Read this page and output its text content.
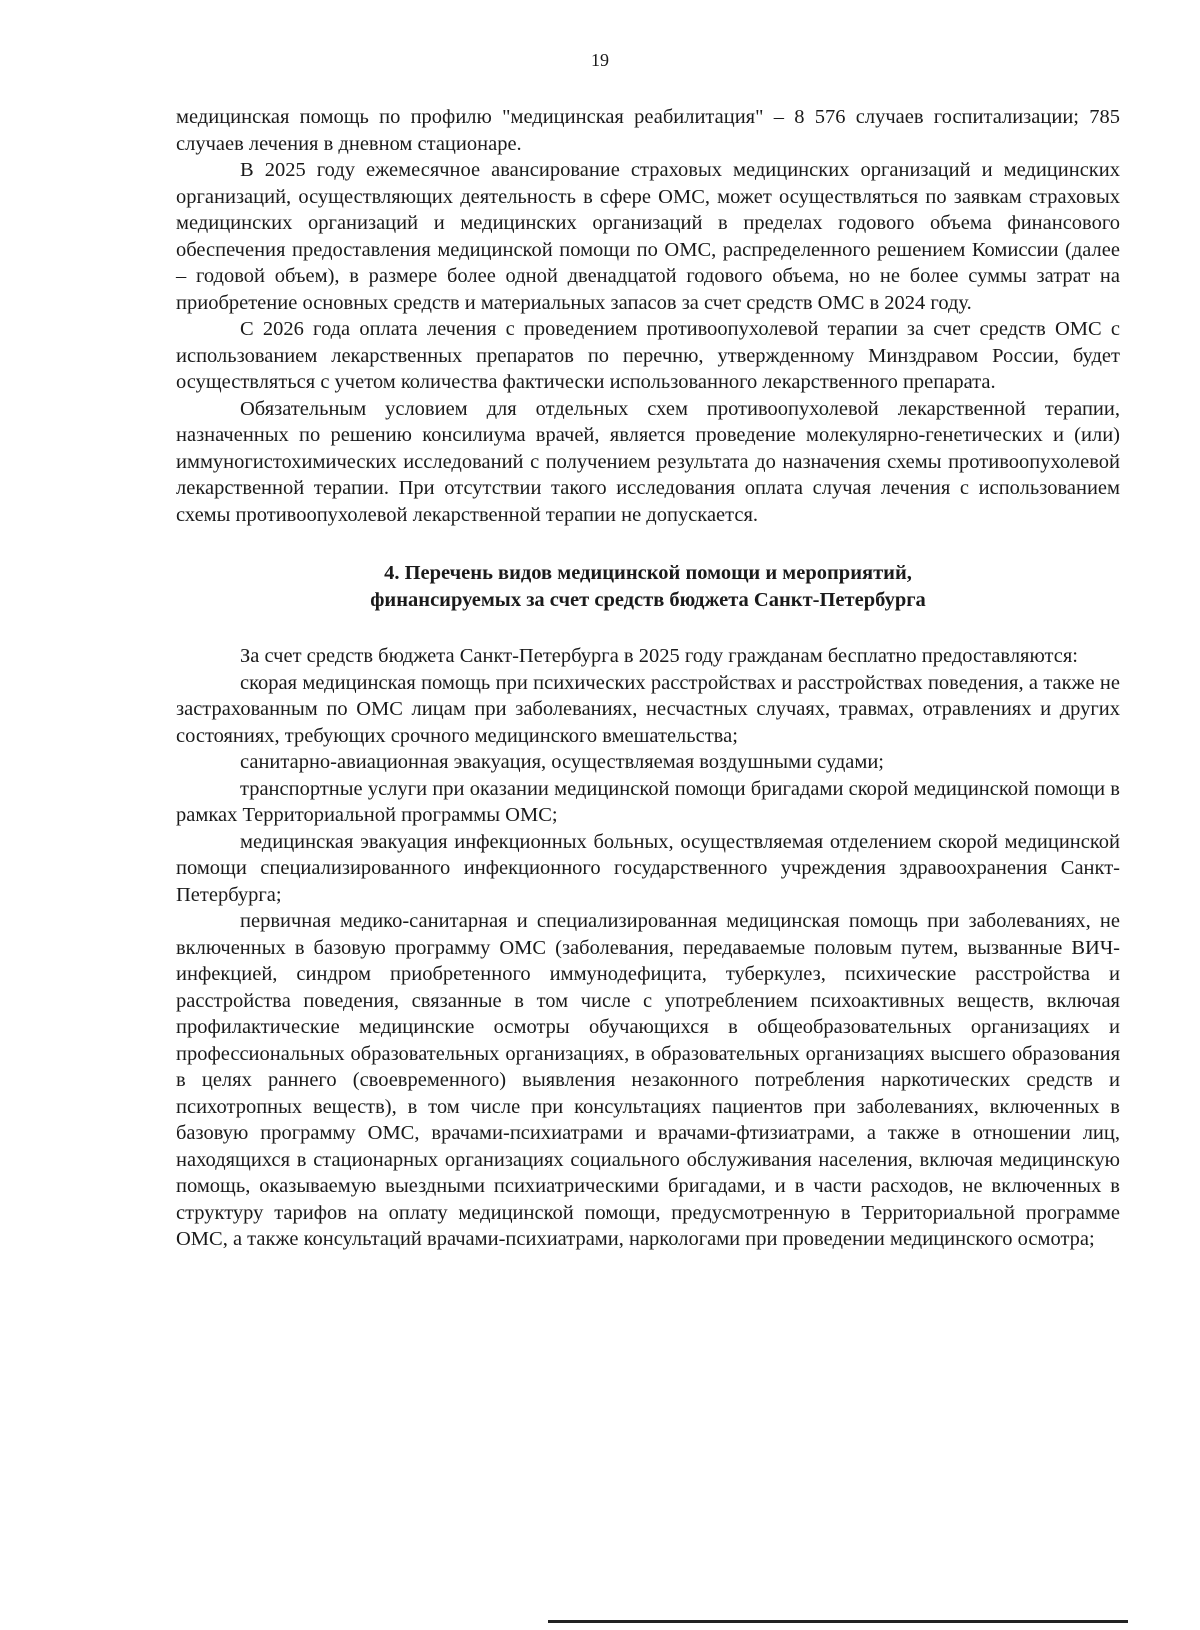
19

медицинская помощь по профилю "медицинская реабилитация" – 8 576 случаев госпитализации; 785 случаев лечения в дневном стационаре.

В 2025 году ежемесячное авансирование страховых медицинских организаций и медицинских организаций, осуществляющих деятельность в сфере ОМС, может осуществляться по заявкам страховых медицинских организаций и медицинских организаций в пределах годового объема финансового обеспечения предоставления медицинской помощи по ОМС, распределенного решением Комиссии (далее – годовой объем), в размере более одной двенадцатой годового объема, но не более суммы затрат на приобретение основных средств и материальных запасов за счет средств ОМС в 2024 году.

С 2026 года оплата лечения с проведением противоопухолевой терапии за счет средств ОМС с использованием лекарственных препаратов по перечню, утвержденному Минздравом России, будет осуществляться с учетом количества фактически использованного лекарственного препарата.

Обязательным условием для отдельных схем противоопухолевой лекарственной терапии, назначенных по решению консилиума врачей, является проведение молекулярно-генетических и (или) иммуногистохимических исследований с получением результата до назначения схемы противоопухолевой лекарственной терапии. При отсутствии такого исследования оплата случая лечения с использованием схемы противоопухолевой лекарственной терапии не допускается.

4. Перечень видов медицинской помощи и мероприятий,
финансируемых за счет средств бюджета Санкт-Петербурга

За счет средств бюджета Санкт-Петербурга в 2025 году гражданам бесплатно предоставляются:

скорая медицинская помощь при психических расстройствах и расстройствах поведения, а также не застрахованным по ОМС лицам при заболеваниях, несчастных случаях, травмах, отравлениях и других состояниях, требующих срочного медицинского вмешательства;

санитарно-авиационная эвакуация, осуществляемая воздушными судами;

транспортные услуги при оказании медицинской помощи бригадами скорой медицинской помощи в рамках Территориальной программы ОМС;

медицинская эвакуация инфекционных больных, осуществляемая отделением скорой медицинской помощи специализированного инфекционного государственного учреждения здравоохранения Санкт-Петербурга;

первичная медико-санитарная и специализированная медицинская помощь при заболеваниях, не включенных в базовую программу ОМС (заболевания, передаваемые половым путем, вызванные ВИЧ-инфекцией, синдром приобретенного иммунодефицита, туберкулез, психические расстройства и расстройства поведения, связанные в том числе с употреблением психоактивных веществ, включая профилактические медицинские осмотры обучающихся в общеобразовательных организациях и профессиональных образовательных организациях, в образовательных организациях высшего образования в целях раннего (своевременного) выявления незаконного потребления наркотических средств и психотропных веществ), в том числе при консультациях пациентов при заболеваниях, включенных в базовую программу ОМС, врачами-психиатрами и врачами-фтизиатрами, а также в отношении лиц, находящихся в стационарных организациях социального обслуживания населения, включая медицинскую помощь, оказываемую выездными психиатрическими бригадами, и в части расходов, не включенных в структуру тарифов на оплату медицинской помощи, предусмотренную в Территориальной программе ОМС, а также консультаций врачами-психиатрами, наркологами при проведении медицинского осмотра;
